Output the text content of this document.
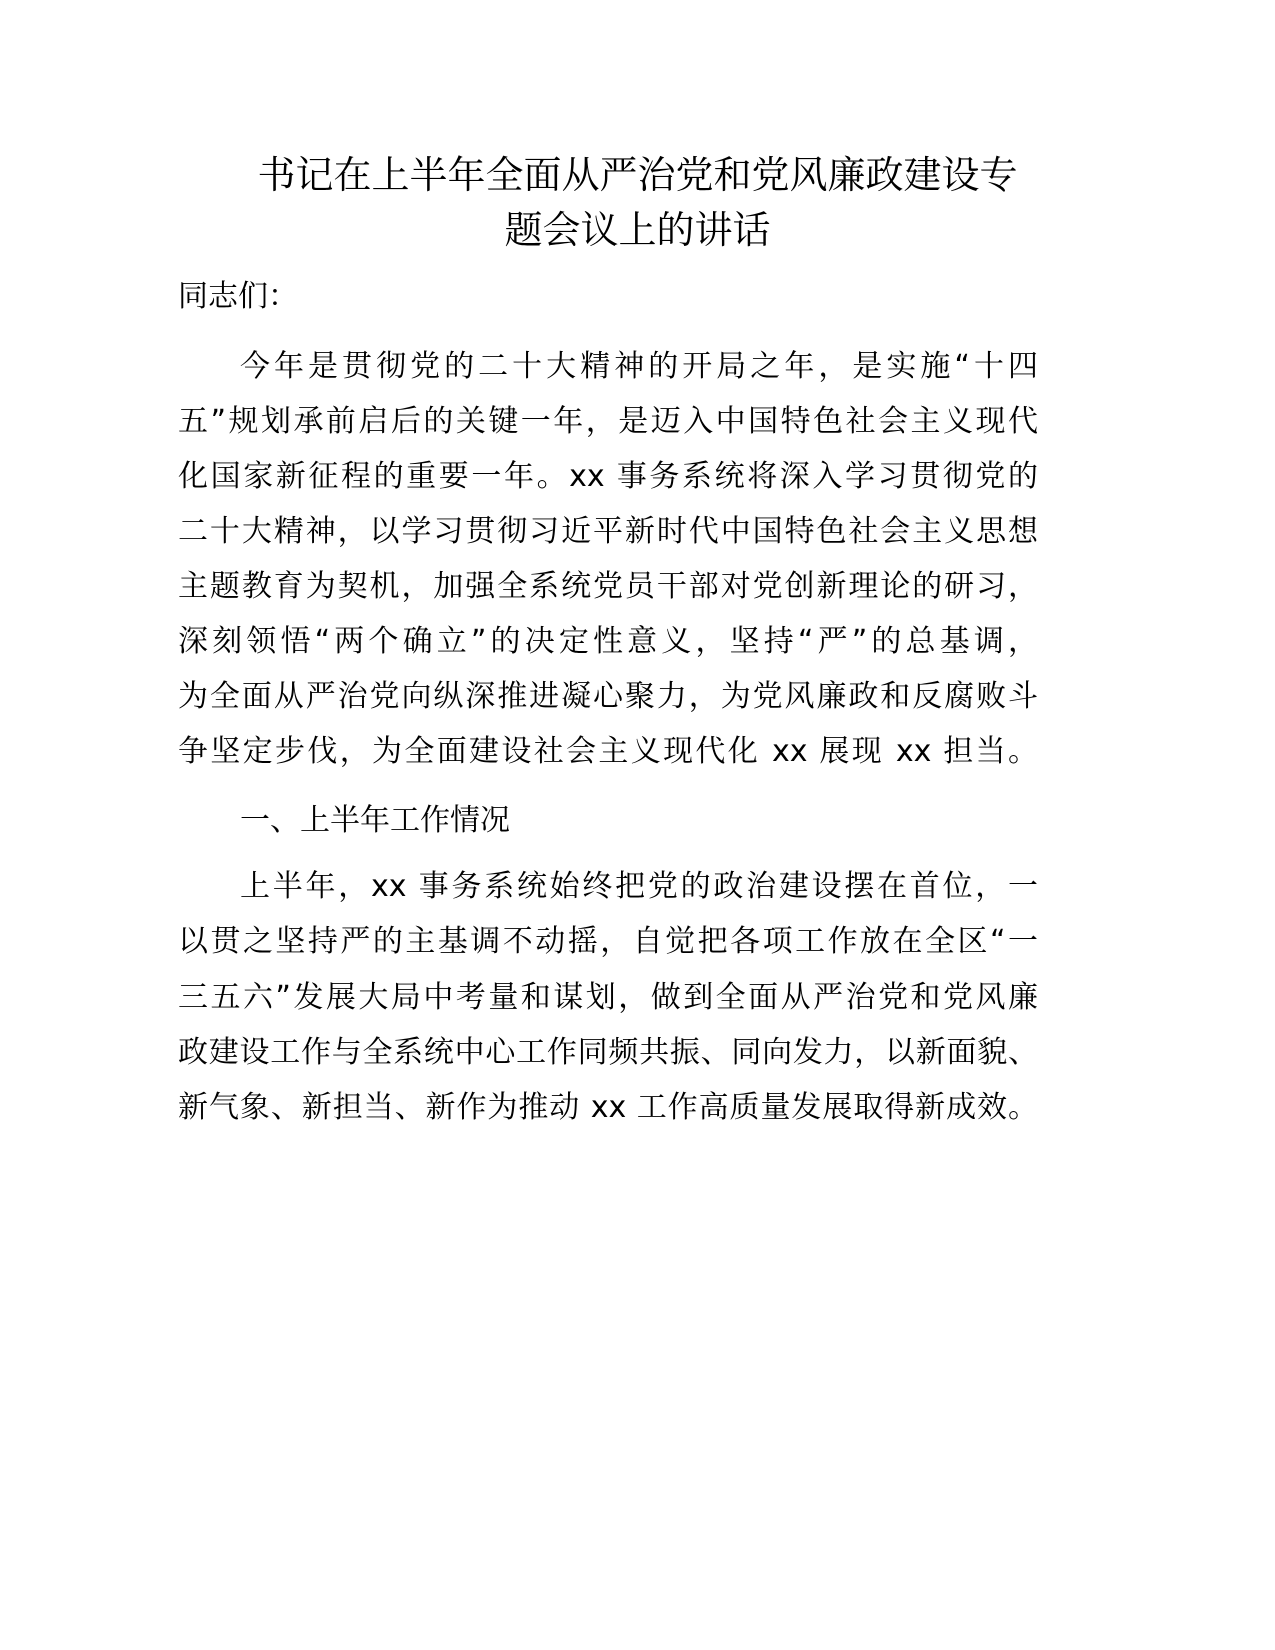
书记在上半年全面从严治党和党风廉政建设专
题会议上的讲话
同志们：
今年是贯彻党的二十大精神的开局之年，是实施“十四
五”规划承前启后的关键一年，是迈入中国特色社会主义现代
化国家新征程的重要一年。xx 事务系统将深入学习贯彻党的
二十大精神，以学习贯彻习近平新时代中国特色社会主义思想
主题教育为契机，加强全系统党员干部对党创新理论的研习，
深刻领悟“两个确立”的决定性意义，坚持“严”的总基调，
为全面从严治党向纵深推进凝心聚力，为党风廉政和反腐败斗
争坚定步伐，为全面建设社会主义现代化 xx 展现 xx 担当。
一、上半年工作情况
上半年，xx 事务系统始终把党的政治建设摆在首位，一
以贯之坚持严的主基调不动摇，自觉把各项工作放在全区“一
三五六”发展大局中考量和谋划，做到全面从严治党和党风廉
政建设工作与全系统中心工作同频共振、同向发力，以新面貌、
新气象、新担当、新作为推动 xx 工作高质量发展取得新成效。
